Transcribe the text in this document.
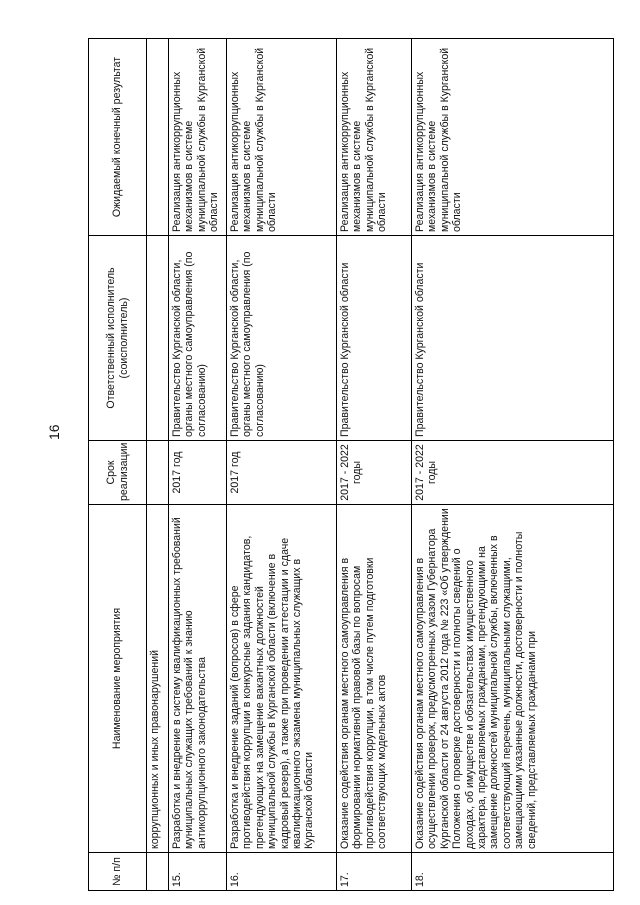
16
№ п/п	Наименование мероприятия	Срок реализации	Ответственный исполнитель (соисполнитель)	Ожидаемый конечный результат
	коррупционных и иных правонарушений			
15.	Разработка и внедрение в систему квалификационных требований муниципальных служащих требований к знанию антикоррупционного законодательства	2017 год	Правительство Курганской области, органы местного самоуправления (по согласованию)	Реализация антикоррупционных механизмов в системе муниципальной службы в Курганской области
16.	Разработка и внедрение заданий (вопросов) в сфере противодействия коррупции в конкурсные задания кандидатов, претендующих на замещение вакантных должностей муниципальной службы в Курганской области (включение в кадровый резерв), а также при проведении аттестации и сдаче квалификационного экзамена муниципальных служащих в Курганской области	2017 год	Правительство Курганской области, органы местного самоуправления (по согласованию)	Реализация антикоррупционных механизмов в системе муниципальной службы в Курганской области
17.	Оказание содействия органам местного самоуправления в формировании нормативной правовой базы по вопросам противодействия коррупции, в том числе путем подготовки соответствующих модельных актов	2017 - 2022 годы	Правительство Курганской области	Реализация антикоррупционных механизмов в системе муниципальной службы в Курганской области
18.	Оказание содействия органам местного самоуправления в осуществлении проверок, предусмотренных указом Губернатора Курганской области от 24 августа 2012 года № 223 «Об утверждении Положения о проверке достоверности и полноты сведений о доходах, об имуществе и обязательствах имущественного характера, представляемых гражданами, претендующими на замещение должностей муниципальной службы, включенных в соответствующий перечень, муниципальными служащими, замещающими указанные должности, достоверности и полноты сведений, представляемых гражданами при	2017 - 2022 годы	Правительство Курганской области	Реализация антикоррупционных механизмов в системе муниципальной службы в Курганской области
